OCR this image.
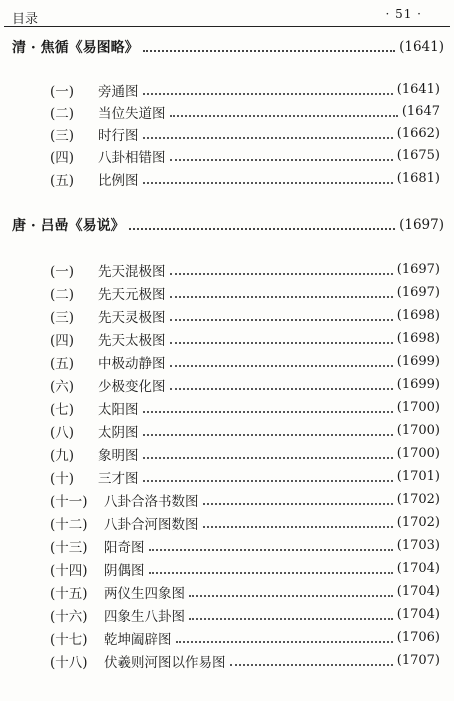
目录	· 51 ·
清 · 焦循《易图略》	(1641)
(一)	旁通图	(1641)
(二)	当位失道图	(1647
(三)	时行图	(1662)
(四)	八卦相错图	(1675)
(五)	比例图	(1681)
唐 · 吕喦《易说》	(1697)
(一)	先天混极图	(1697)
(二)	先天元极图	(1697)
(三)	先天灵极图	(1698)
(四)	先天太极图	(1698)
(五)	中极动静图	(1699)
(六)	少极变化图	(1699)
(七)	太阳图	(1700)
(八)	太阴图	(1700)
(九)	象明图	(1700)
(十)	三才图	(1701)
(十一)	八卦合洛书数图	(1702)
(十二)	八卦合河图数图	(1702)
(十三)	阳奇图	(1703)
(十四)	阴偶图	(1704)
(十五)	两仪生四象图	(1704)
(十六)	四象生八卦图	(1704)
(十七)	乾坤阖辟图	(1706)
(十八)	伏羲则河图以作易图	(1707)
